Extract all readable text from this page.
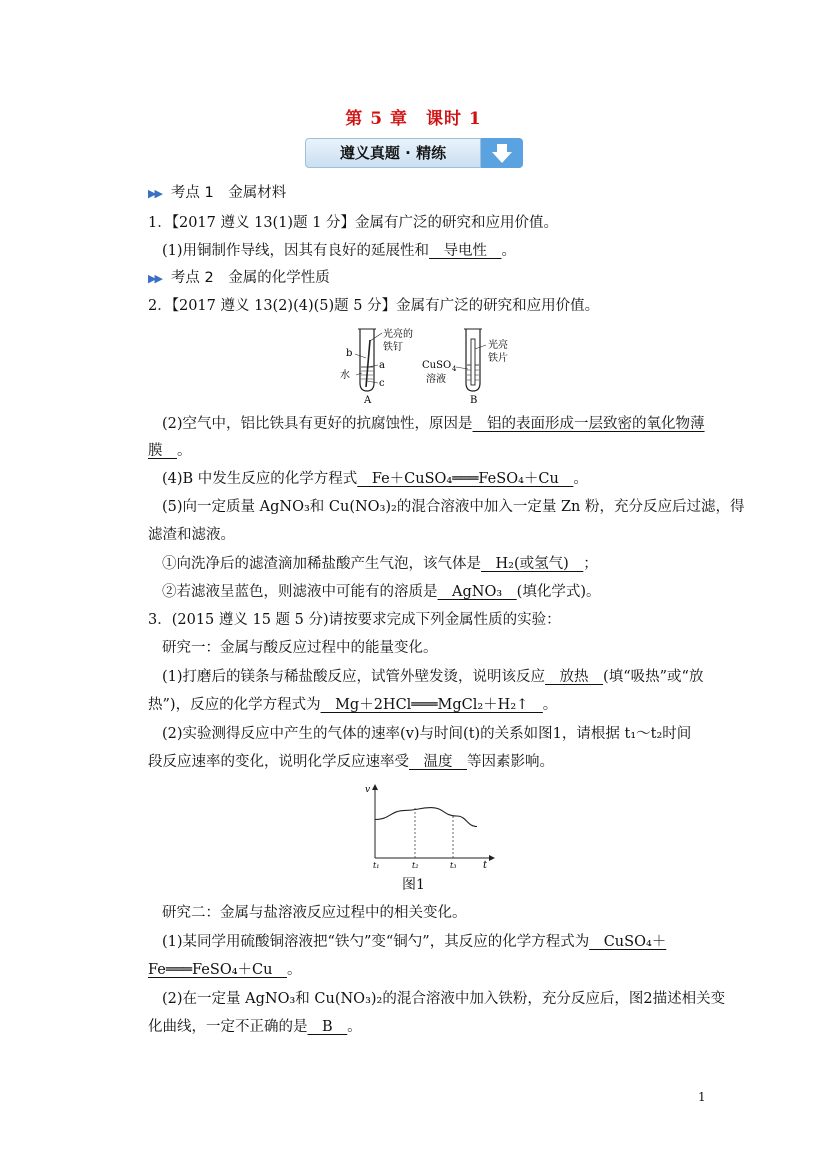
第 5 章　课时 1
遵义真题 · 精练
▶▶ 考点 1　金属材料
1．【2017 遵义 13(1)题 1 分】金属有广泛的研究和应用价值。
(1)用铜制作导线，因其有良好的延展性和__导电性__。
▶▶ 考点 2　金属的化学性质
2．【2017 遵义 13(2)(4)(5)题 5 分】金属有广泛的研究和应用价值。
光亮的
铁钉
b
a
c
水
A
光亮
铁片
CuSO 4
溶液
B
(2)空气中，铝比铁具有更好的抗腐蚀性，原因是__铝的表面形成一层致密的氧化物薄
膜__。
(4)B 中发生反应的化学方程式__Fe＋CuSO₄═══FeSO₄＋Cu__。
(5)向一定质量 AgNO₃和 Cu(NO₃)₂的混合溶液中加入一定量 Zn 粉，充分反应后过滤，得
滤渣和滤液。
①向洗净后的滤渣滴加稀盐酸产生气泡，该气体是__H₂(或氢气)__；
②若滤液呈蓝色，则滤液中可能有的溶质是__AgNO₃__(填化学式)。
3．(2015 遵义 15 题 5 分)请按要求完成下列金属性质的实验：
研究一：金属与酸反应过程中的能量变化。
(1)打磨后的镁条与稀盐酸反应，试管外壁发烫，说明该反应__放热__(填“吸热”或“放
热”)，反应的化学方程式为__Mg＋2HCl═══MgCl₂＋H₂↑__。
(2)实验测得反应中产生的气体的速率(v)与时间(t)的关系如图1，请根据 t₁～t₂时间
段反应速率的变化，说明化学反应速率受__温度__等因素影响。
v
t
t₁	t₂	t₃
图1
研究二：金属与盐溶液反应过程中的相关变化。
(1)某同学用硫酸铜溶液把“铁勺”变“铜勺”，其反应的化学方程式为__CuSO₄＋
Fe═══FeSO₄＋Cu__。
(2)在一定量 AgNO₃和 Cu(NO₃)₂的混合溶液中加入铁粉，充分反应后，图2描述相关变
化曲线，一定不正确的是__B__。
1
